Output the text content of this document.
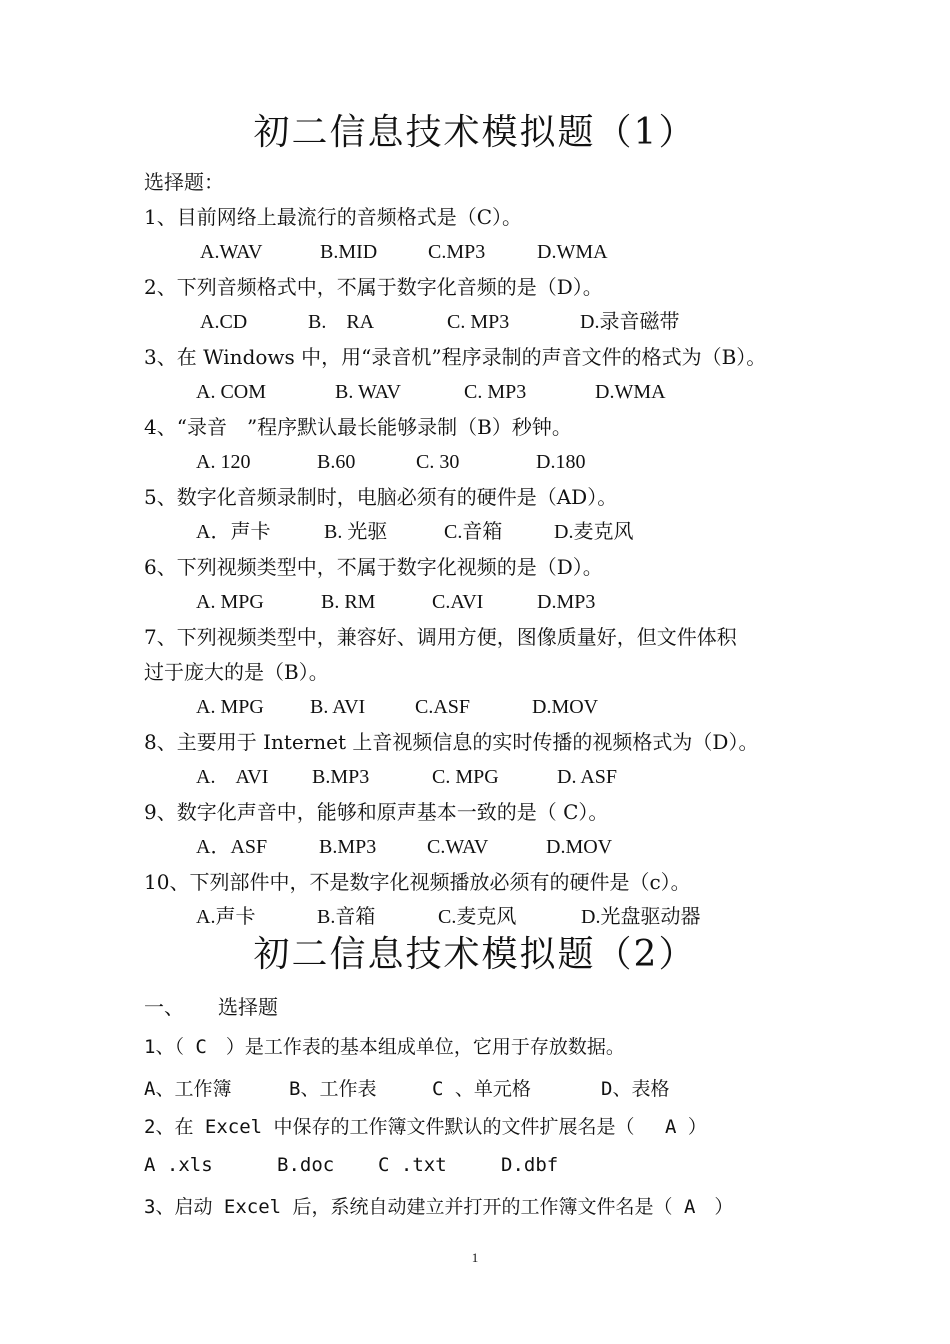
初二信息技术模拟题（1）
选择题：
1、目前网络上最流行的音频格式是（C）。
A.WAV	B.MID	C.MP3	D.WMA
2、下列音频格式中，不属于数字化音频的是（D）。
A.CD	B.　RA	C. MP3	D.录音磁带
3、在 Windows 中，用“录音机”程序录制的声音文件的格式为（B）。
A. COM	B. WAV	C. MP3	D.WMA
4、“录音　”程序默认最长能够录制（B）秒钟。
A. 120	B.60	C. 30	D.180
5、数字化音频录制时，电脑必须有的硬件是（AD）。
A．声卡	B. 光驱	C.音箱	D.麦克风
6、下列视频类型中，不属于数字化视频的是（D）。
A. MPG	B. RM	C.AVI	D.MP3
7、下列视频类型中，兼容好、调用方便，图像质量好，但文件体积
过于庞大的是（B）。
A. MPG B. AVI C.ASF	D.MOV
8、主要用于 Internet 上音视频信息的实时传播的视频格式为（D）。
A.　AVI B.MP3	C. MPG	D. ASF
9、数字化声音中，能够和原声基本一致的是（ C）。
A．ASF	B.MP3	C.WAV	D.MOV
10、下列部件中，不是数字化视频播放必须有的硬件是（c）。
A.声卡	B.音箱	C.麦克风	D.光盘驱动器
初二信息技术模拟题（2）
一、 选择题
1、（ C　）是工作表的基本组成单位，它用于存放数据。
A、工作簿	B、工作表	C 、单元格	D、表格
2、在 Excel 中保存的工作簿文件默认的文件扩展名是（　 A ）
A .xls	B.doc C .txt	D.dbf
3、启动 Excel 后，系统自动建立并打开的工作簿文件名是（ A　）
1
